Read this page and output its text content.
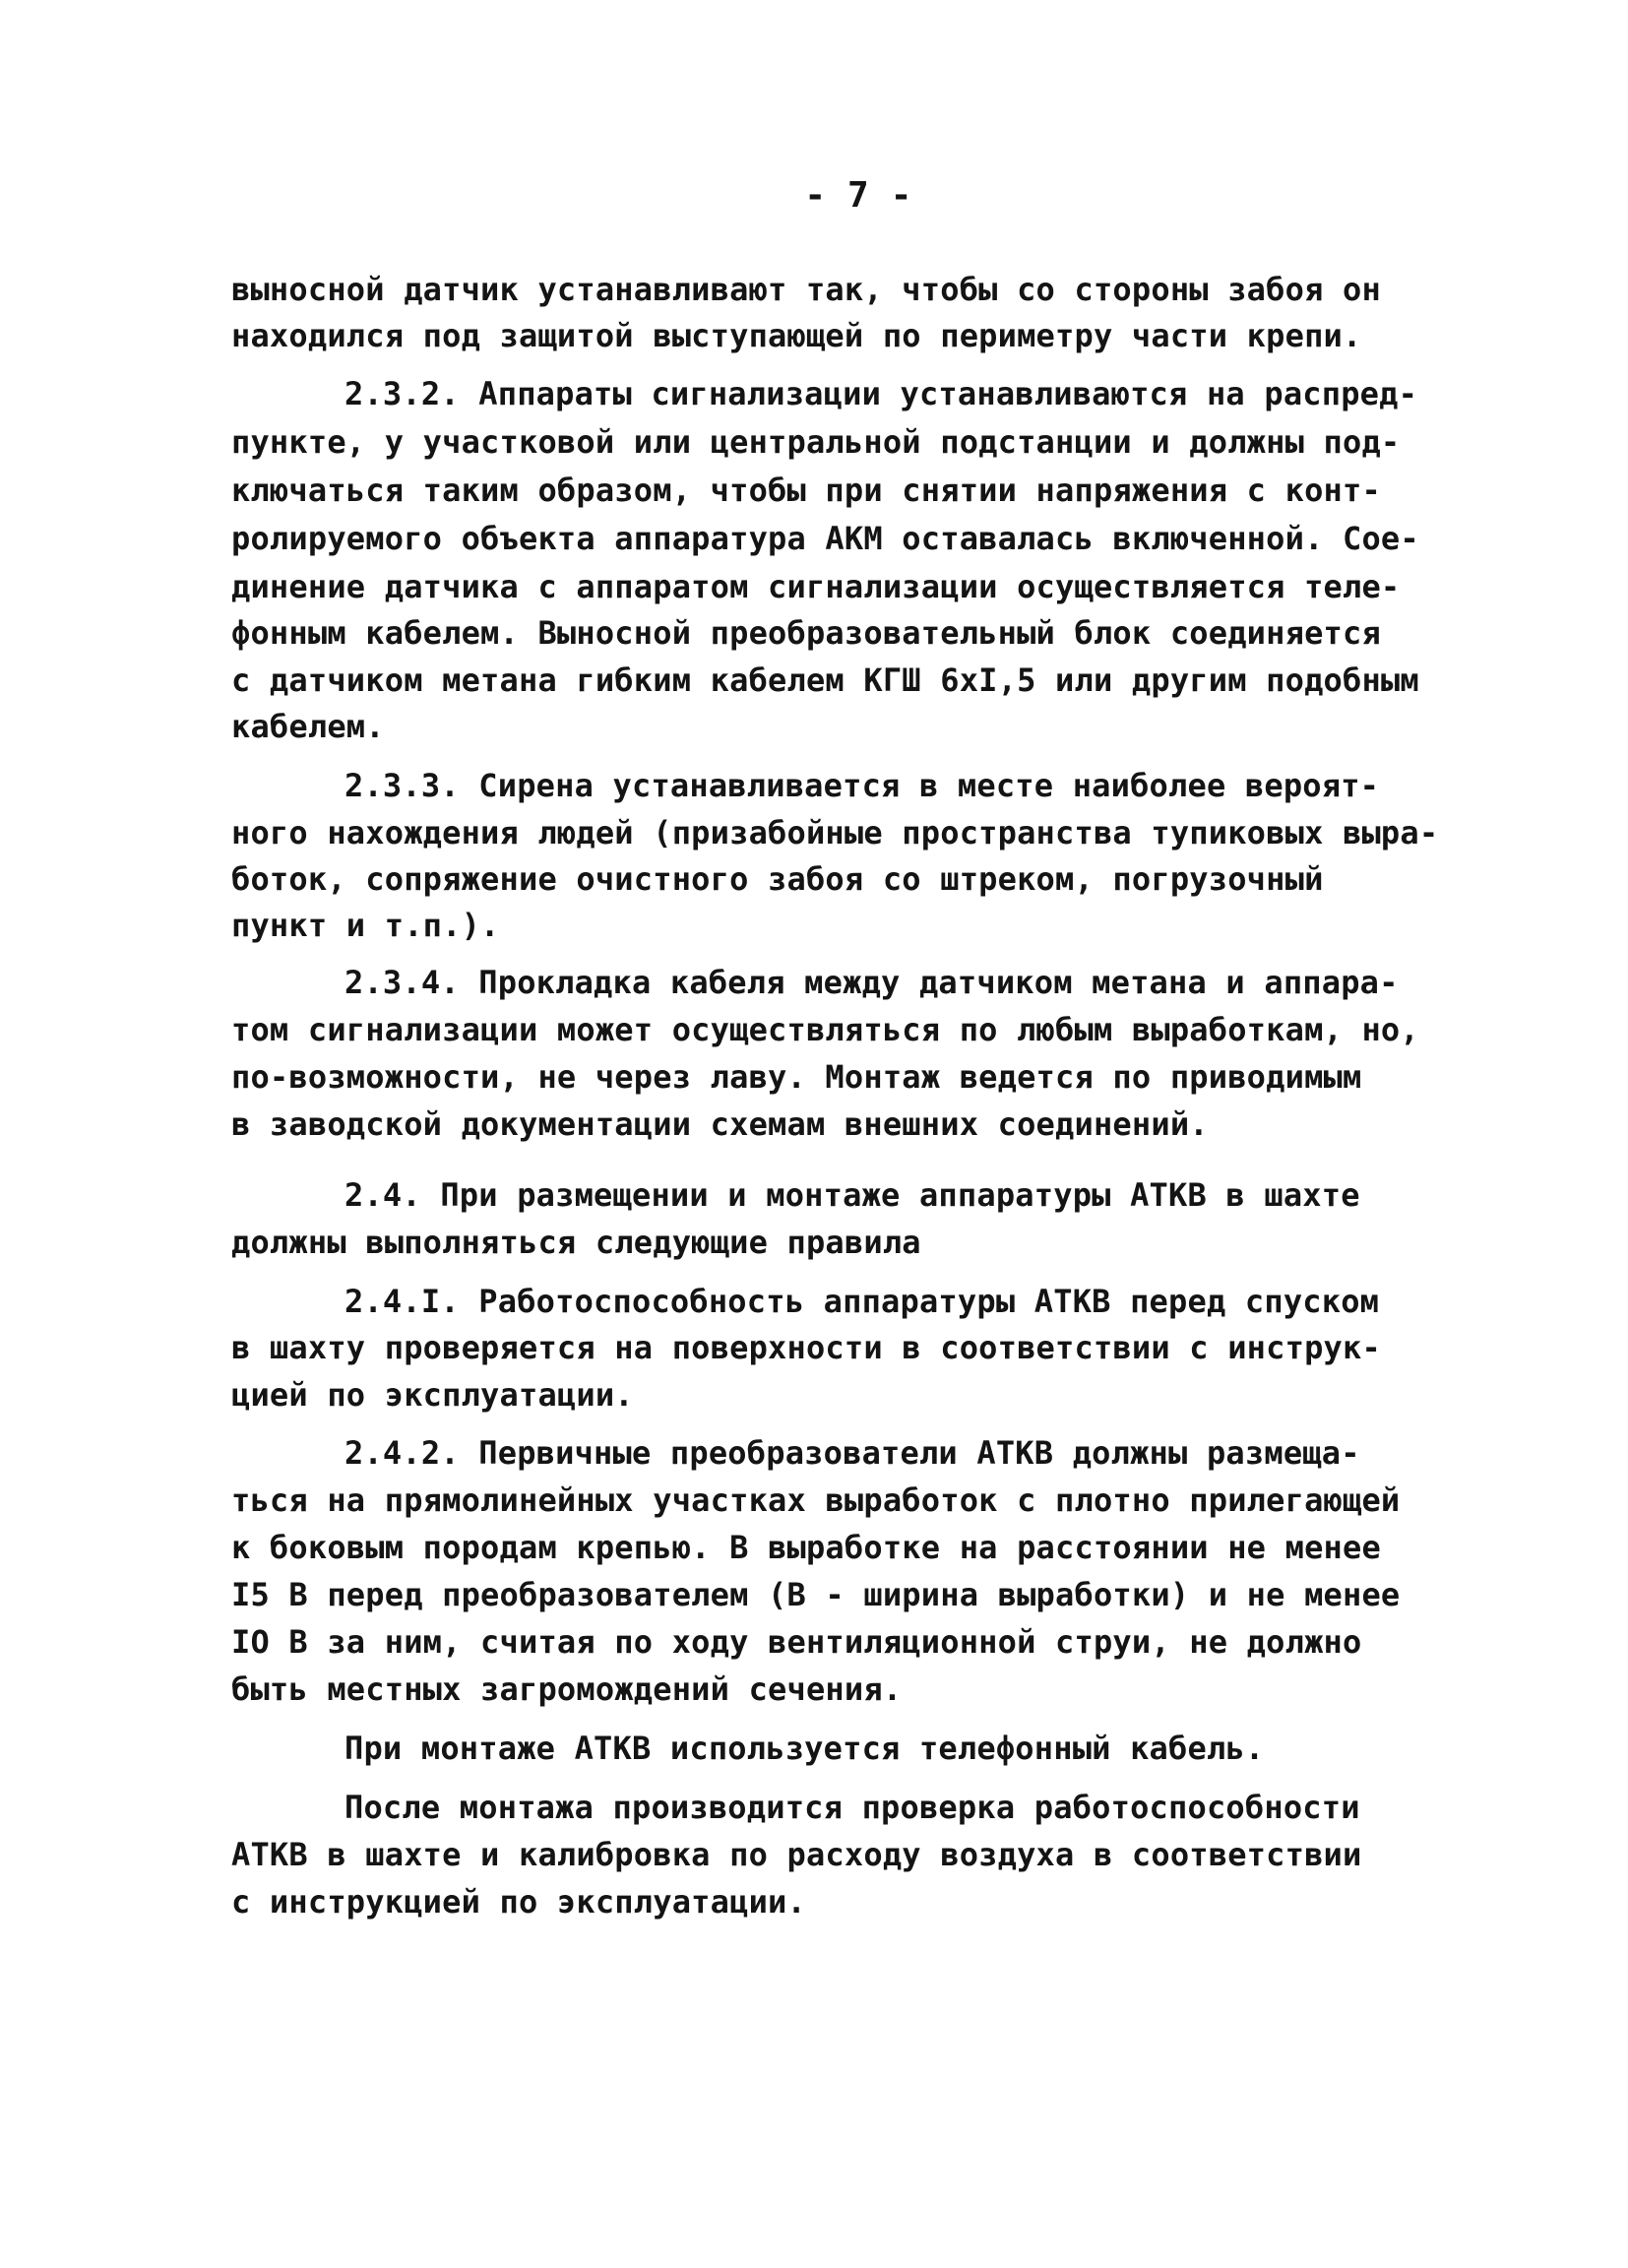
- 7 -
выносной датчик устанавливают так, чтобы со стороны забоя он
находился под защитой выступающей по периметру части крепи.
2.3.2. Аппараты сигнализации устанавливаются на распред-
пункте, у участковой или центральной подстанции и должны под-
ключаться таким образом, чтобы при снятии напряжения с конт-
ролируемого объекта аппаратура АКМ оставалась включенной. Сое-
динение датчика с аппаратом сигнализации осуществляется теле-
фонным кабелем. Выносной преобразовательный блок соединяется
с датчиком метана гибким кабелем КГШ 6хI,5 или другим подобным
кабелем.
2.3.3. Сирена устанавливается в месте наиболее вероят-
ного нахождения людей (призабойные пространства тупиковых выра-
боток, сопряжение очистного забоя со штреком, погрузочный
пункт и т.п.).
2.3.4. Прокладка кабеля между датчиком метана и аппара-
том сигнализации может осуществляться по любым выработкам, но,
по-возможности, не через лаву. Монтаж ведется по приводимым
в заводской документации схемам внешних соединений.
2.4. При размещении и монтаже аппаратуры АТКВ в шахте
должны выполняться следующие правила
2.4.I. Работоспособность аппаратуры АТКВ перед спуском
в шахту проверяется на поверхности в соответствии с инструк-
цией по эксплуатации.
2.4.2. Первичные преобразователи АТКВ должны размеща-
ться на прямолинейных участках выработок с плотно прилегающей
к боковым породам крепью. В выработке на расстоянии не менее
I5 В перед преобразователем (В - ширина выработки) и не менее
IО В за ним, считая по ходу вентиляционной струи, не должно
быть местных загромождений сечения.
При монтаже АТКВ используется телефонный кабель.
После монтажа производится проверка работоспособности
АТКВ в шахте и калибровка по расходу воздуха в соответствии
с инструкцией по эксплуатации.
